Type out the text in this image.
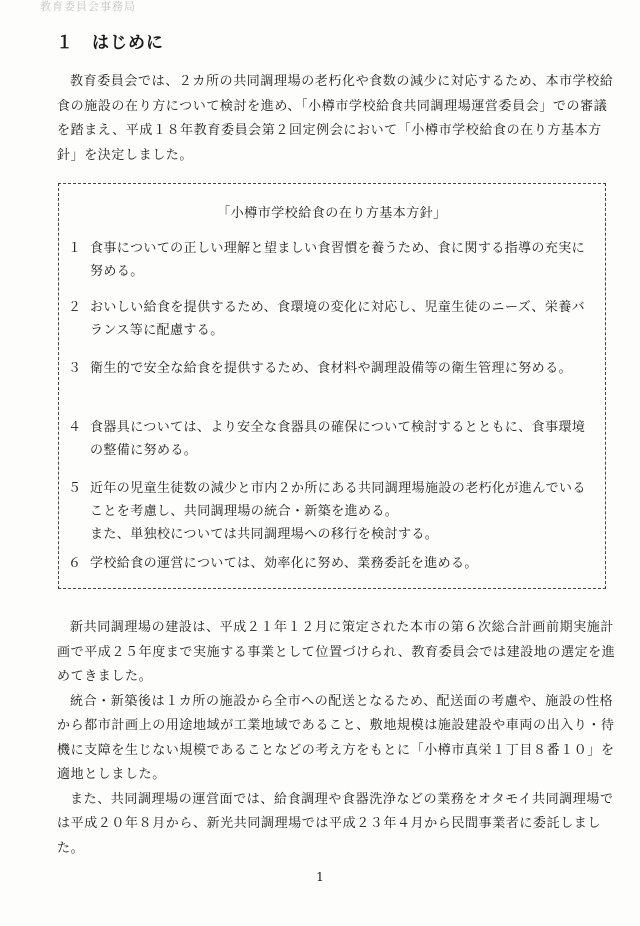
教育委員会事務局
１　はじめに

教育委員会では、２カ所の共同調理場の老朽化や食数の減少に対応するため、本市学校給食の施設の在り方について検討を進め、「小樽市学校給食共同調理場運営委員会」での審議を踏まえ、平成１８年教育委員会第２回定例会において「小樽市学校給食の在り方基本方針」を決定しました。

「小樽市学校給食の在り方基本方針」
１ 食事についての正しい理解と望ましい食習慣を養うため、食に関する指導の充実に努める。
２ おいしい給食を提供するため、食環境の変化に対応し、児童生徒のニーズ、栄養バランス等に配慮する。
３ 衛生的で安全な給食を提供するため、食材料や調理設備等の衛生管理に努める。
４ 食器具については、より安全な食器具の確保について検討するとともに、食事環境の整備に努める。
５ 近年の児童生徒数の減少と市内２か所にある共同調理場施設の老朽化が進んでいることを考慮し、共同調理場の統合・新築を進める。
また、単独校については共同調理場への移行を検討する。
６ 学校給食の運営については、効率化に努め、業務委託を進める。

新共同調理場の建設は、平成２１年１２月に策定された本市の第６次総合計画前期実施計画で平成２５年度まで実施する事業として位置づけられ、教育委員会では建設地の選定を進めてきました。

統合・新築後は１カ所の施設から全市への配送となるため、配送面の考慮や、施設の性格から都市計画上の用途地域が工業地域であること、敷地規模は施設建設や車両の出入り・待機に支障を生じない規模であることなどの考え方をもとに「小樽市真栄１丁目８番１０」を適地としました。

また、共同調理場の運営面では、給食調理や食器洗浄などの業務をオタモイ共同調理場では平成２０年８月から、新光共同調理場では平成２３年４月から民間事業者に委託しました。

1
